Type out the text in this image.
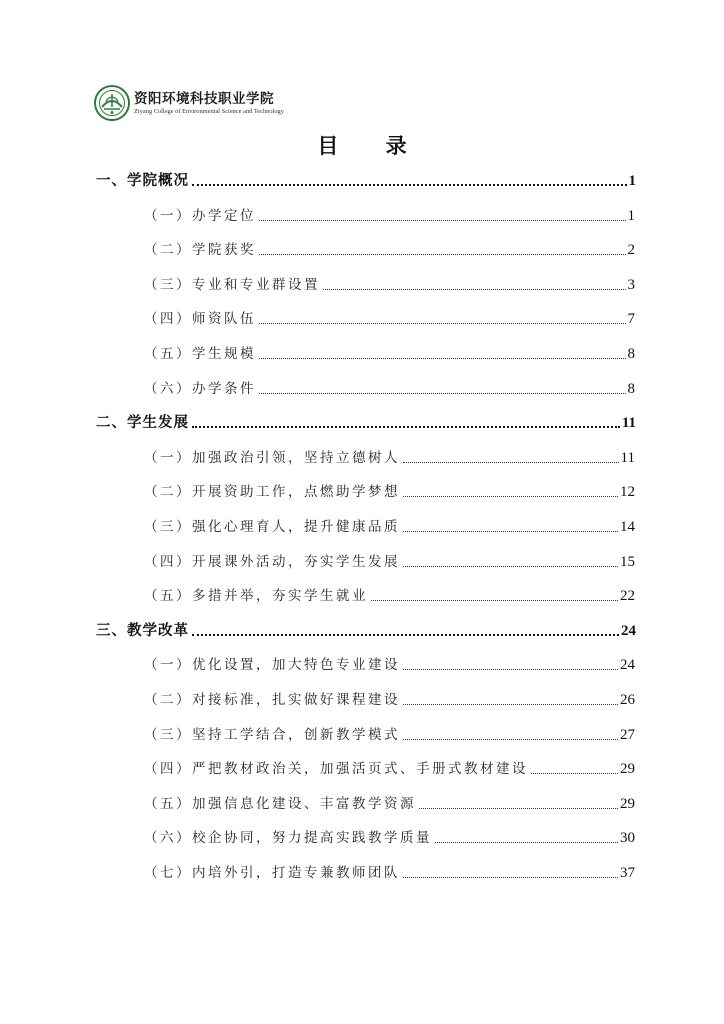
资阳环境科技职业学院
Ziyang College of Environmental Science and Technology
目 录
一、学院概况	1
（一）办学定位	1
（二）学院获奖	2
（三）专业和专业群设置	3
（四）师资队伍	7
（五）学生规模	8
（六）办学条件	8
二、学生发展	11
（一）加强政治引领，坚持立德树人	11
（二）开展资助工作，点燃助学梦想	12
（三）强化心理育人，提升健康品质	14
（四）开展课外活动，夯实学生发展	15
（五）多措并举，夯实学生就业	22
三、教学改革	24
（一）优化设置，加大特色专业建设	24
（二）对接标准，扎实做好课程建设	26
（三）坚持工学结合，创新教学模式	27
（四）严把教材政治关，加强活页式、手册式教材建设	29
（五）加强信息化建设、丰富教学资源	29
（六）校企协同，努力提高实践教学质量	30
（七）内培外引，打造专兼教师团队	37
